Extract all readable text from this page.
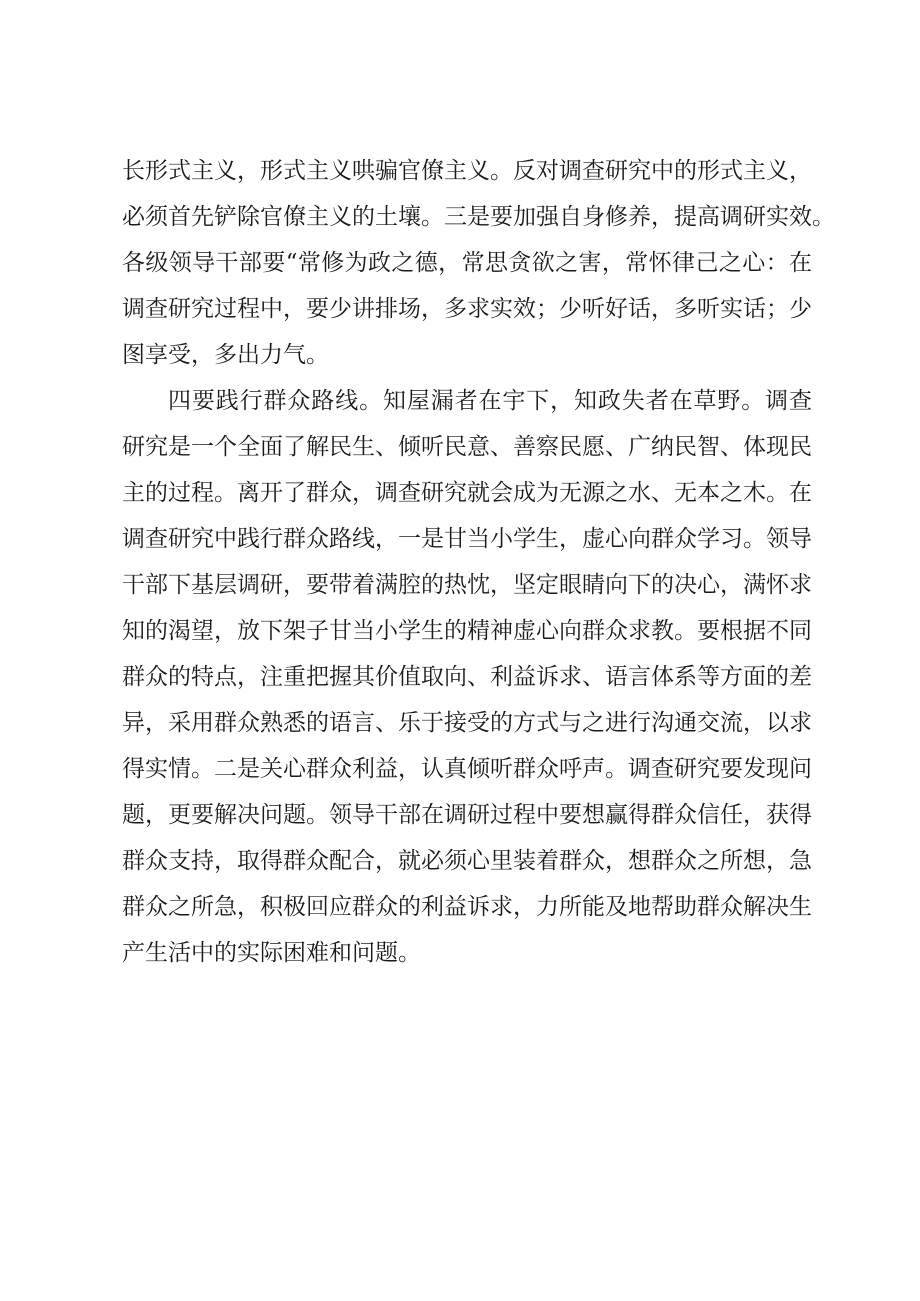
长形式主义，形式主义哄骗官僚主义。反对调查研究中的形式主义，
必须首先铲除官僚主义的土壤。三是要加强自身修养，提高调研实效。
各级领导干部要“常修为政之德，常思贪欲之害，常怀律己之心：在
调查研究过程中，要少讲排场，多求实效；少听好话，多听实话；少
图享受，多出力气。
四要践行群众路线。知屋漏者在宇下，知政失者在草野。调查
研究是一个全面了解民生、倾听民意、善察民愿、广纳民智、体现民
主的过程。离开了群众，调查研究就会成为无源之水、无本之木。在
调查研究中践行群众路线，一是甘当小学生，虚心向群众学习。领导
干部下基层调研，要带着满腔的热忱，坚定眼睛向下的决心，满怀求
知的渴望，放下架子甘当小学生的精神虚心向群众求教。要根据不同
群众的特点，注重把握其价值取向、利益诉求、语言体系等方面的差
异，采用群众熟悉的语言、乐于接受的方式与之进行沟通交流，以求
得实情。二是关心群众利益，认真倾听群众呼声。调查研究要发现问
题，更要解决问题。领导干部在调研过程中要想赢得群众信任，获得
群众支持，取得群众配合，就必须心里装着群众，想群众之所想，急
群众之所急，积极回应群众的利益诉求，力所能及地帮助群众解决生
产生活中的实际困难和问题。
